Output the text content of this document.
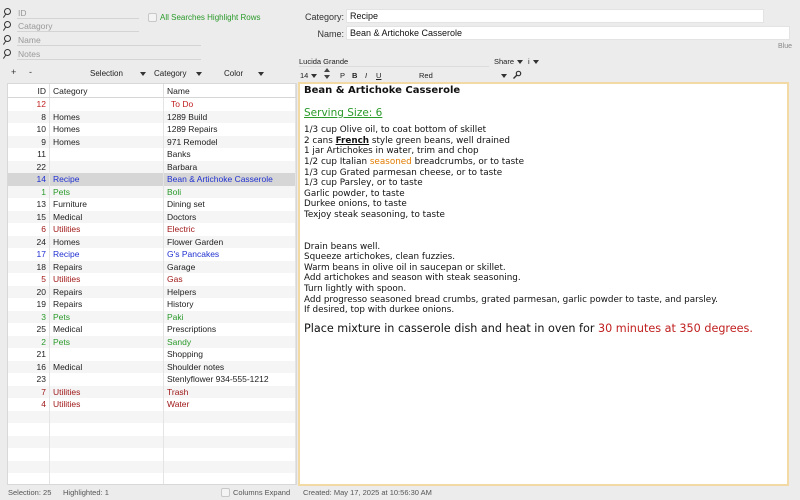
ID
Catagory
Name
Notes
All Searches Highlight Rows
+ -	Selection	Category	Color
ID Category	Name
12	To Do
8 Homes	1289 Build
10 Homes	1289 Repairs
9 Homes	971 Remodel
11	Banks
22	Barbara
14 Recipe	Bean & Artichoke Casserole
1 Pets	Boli
13 Furniture	Dining set
15 Medical	Doctors
6 Utilities	Electric
24 Homes	Flower Garden
17 Recipe	G's Pancakes
18 Repairs	Garage
5 Utilities	Gas
20 Repairs	Helpers
19 Repairs	History
3 Pets	Paki
25 Medical	Prescriptions
2 Pets	Sandy
21	Shopping
16 Medical	Shoulder notes
23	Stenlyflower 934-555-1212
7 Utilities	Trash
4 Utilities	Water
Category: Recipe
Name: Bean & Artichoke Casserole
Blue
Lucida Grande	Share	i
14	P B I U	Red
Bean & Artichoke Casserole
Serving Size: 6
1/3 cup Olive oil, to coat bottom of skillet
2 cans French style green beans, well drained
1 jar Artichokes in water, trim and chop
1/2 cup Italian seasoned breadcrumbs, or to taste
1/3 cup Grated parmesan cheese, or to taste
1/3 cup Parsley, or to taste
Garlic powder, to taste
Durkee onions, to taste
Texjoy steak seasoning, to taste
Drain beans well.
Squeeze artichokes, clean fuzzies.
Warm beans in olive oil in saucepan or skillet.
Add artichokes and season with steak seasoning.
Turn lightly with spoon.
Add progresso seasoned bread crumbs, grated parmesan, garlic powder to taste, and parsley.
If desired, top with durkee onions.
Place mixture in casserole dish and heat in oven for 30 minutes at 350 degrees.
Selection: 25 Highlighted: 1	Columns Expand Created: May 17, 2025 at 10:56:30 AM
